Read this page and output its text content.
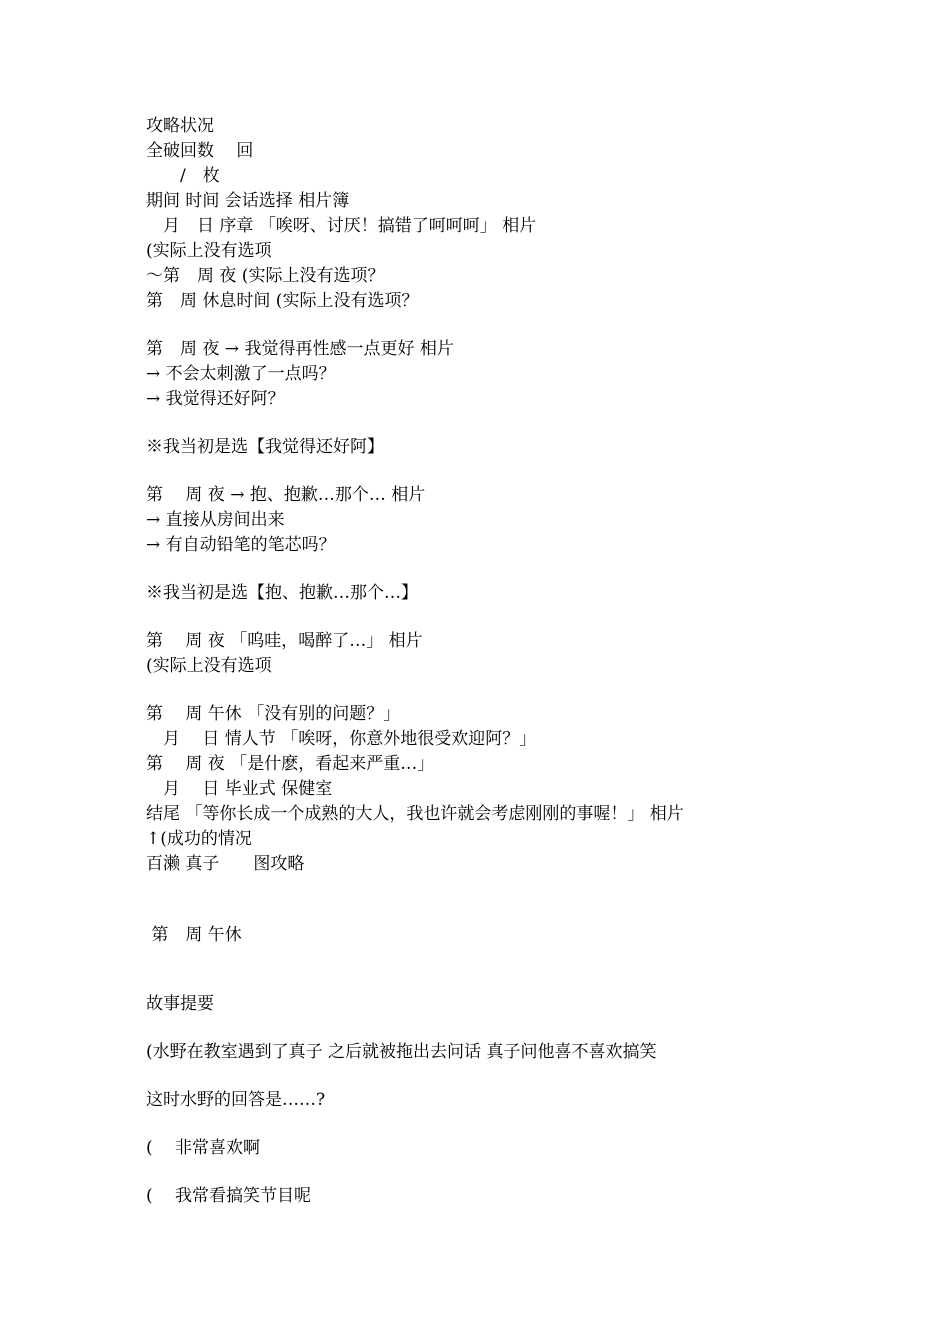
攻略状况

全破回数　 回

　　/　枚

期间 时间 会话选择 相片簿

　月　日 序章 「唉呀、讨厌！搞错了呵呵呵」 相片

(实际上没有选项

～第　周 夜 (实际上没有选项？

第　周 休息时间 (实际上没有选项？

第　周 夜 → 我觉得再性感一点更好 相片

→ 不会太刺激了一点吗？

→ 我觉得还好阿？

※我当初是选【我觉得还好阿】

第　 周 夜 → 抱、抱歉…那个… 相片

→ 直接从房间出来

→ 有自动铅笔的笔芯吗？

※我当初是选【抱、抱歉…那个…】

第　 周 夜 「呜哇，喝醉了…」 相片

(实际上没有选项

第　 周 午休 「没有别的问题？」

　月　 日 情人节 「唉呀，你意外地很受欢迎阿？」

第　 周 夜 「是什麽，看起来严重…」

　月　 日 毕业式 保健室

结尾 「等你长成一个成熟的大人，我也许就会考虑刚刚的事喔！」 相片

↑(成功的情况

百濑 真子　　图攻略

第　周 午休

故事提要

(水野在教室遇到了真子 之后就被拖出去问话 真子问他喜不喜欢搞笑

这时水野的回答是……?

(　 非常喜欢啊

(　 我常看搞笑节目呢
